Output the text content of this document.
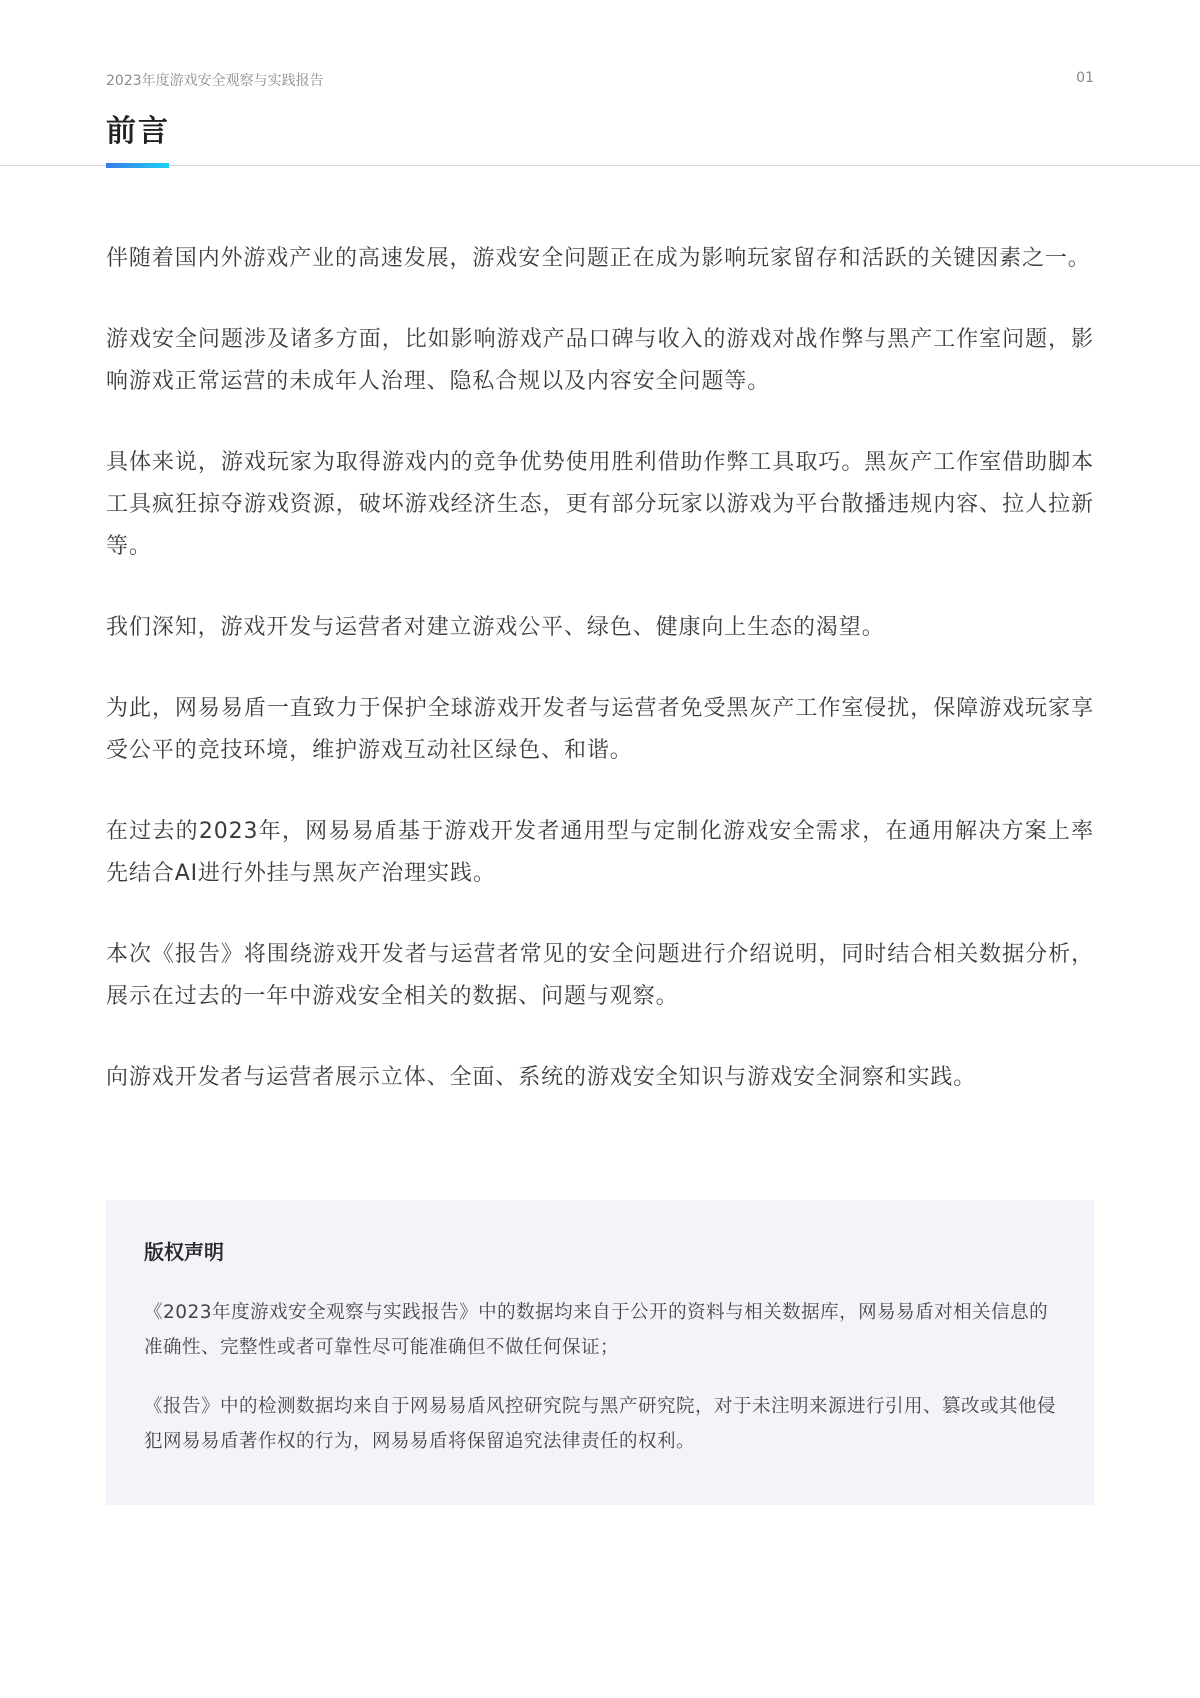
2023年度游戏安全观察与实践报告	01
前言

伴随着国内外游戏产业的高速发展，游戏安全问题正在成为影响玩家留存和活跃的关键因素之一。

游戏安全问题涉及诸多方面，比如影响游戏产品口碑与收入的游戏对战作弊与黑产工作室问题，影响游戏正常运营的未成年人治理、隐私合规以及内容安全问题等。

具体来说，游戏玩家为取得游戏内的竞争优势使用胜利借助作弊工具取巧。黑灰产工作室借助脚本工具疯狂掠夺游戏资源，破坏游戏经济生态，更有部分玩家以游戏为平台散播违规内容、拉人拉新等。

我们深知，游戏开发与运营者对建立游戏公平、绿色、健康向上生态的渴望。

为此，网易易盾一直致力于保护全球游戏开发者与运营者免受黑灰产工作室侵扰，保障游戏玩家享受公平的竞技环境，维护游戏互动社区绿色、和谐。

在过去的2023年，网易易盾基于游戏开发者通用型与定制化游戏安全需求，在通用解决方案上率先结合AI进行外挂与黑灰产治理实践。

本次《报告》将围绕游戏开发者与运营者常见的安全问题进行介绍说明，同时结合相关数据分析，展示在过去的一年中游戏安全相关的数据、问题与观察。

向游戏开发者与运营者展示立体、全面、系统的游戏安全知识与游戏安全洞察和实践。

版权声明

《2023年度游戏安全观察与实践报告》中的数据均来自于公开的资料与相关数据库，网易易盾对相关信息的准确性、完整性或者可靠性尽可能准确但不做任何保证；

《报告》中的检测数据均来自于网易易盾风控研究院与黑产研究院，对于未注明来源进行引用、篡改或其他侵犯网易易盾著作权的行为，网易易盾将保留追究法律责任的权利。
